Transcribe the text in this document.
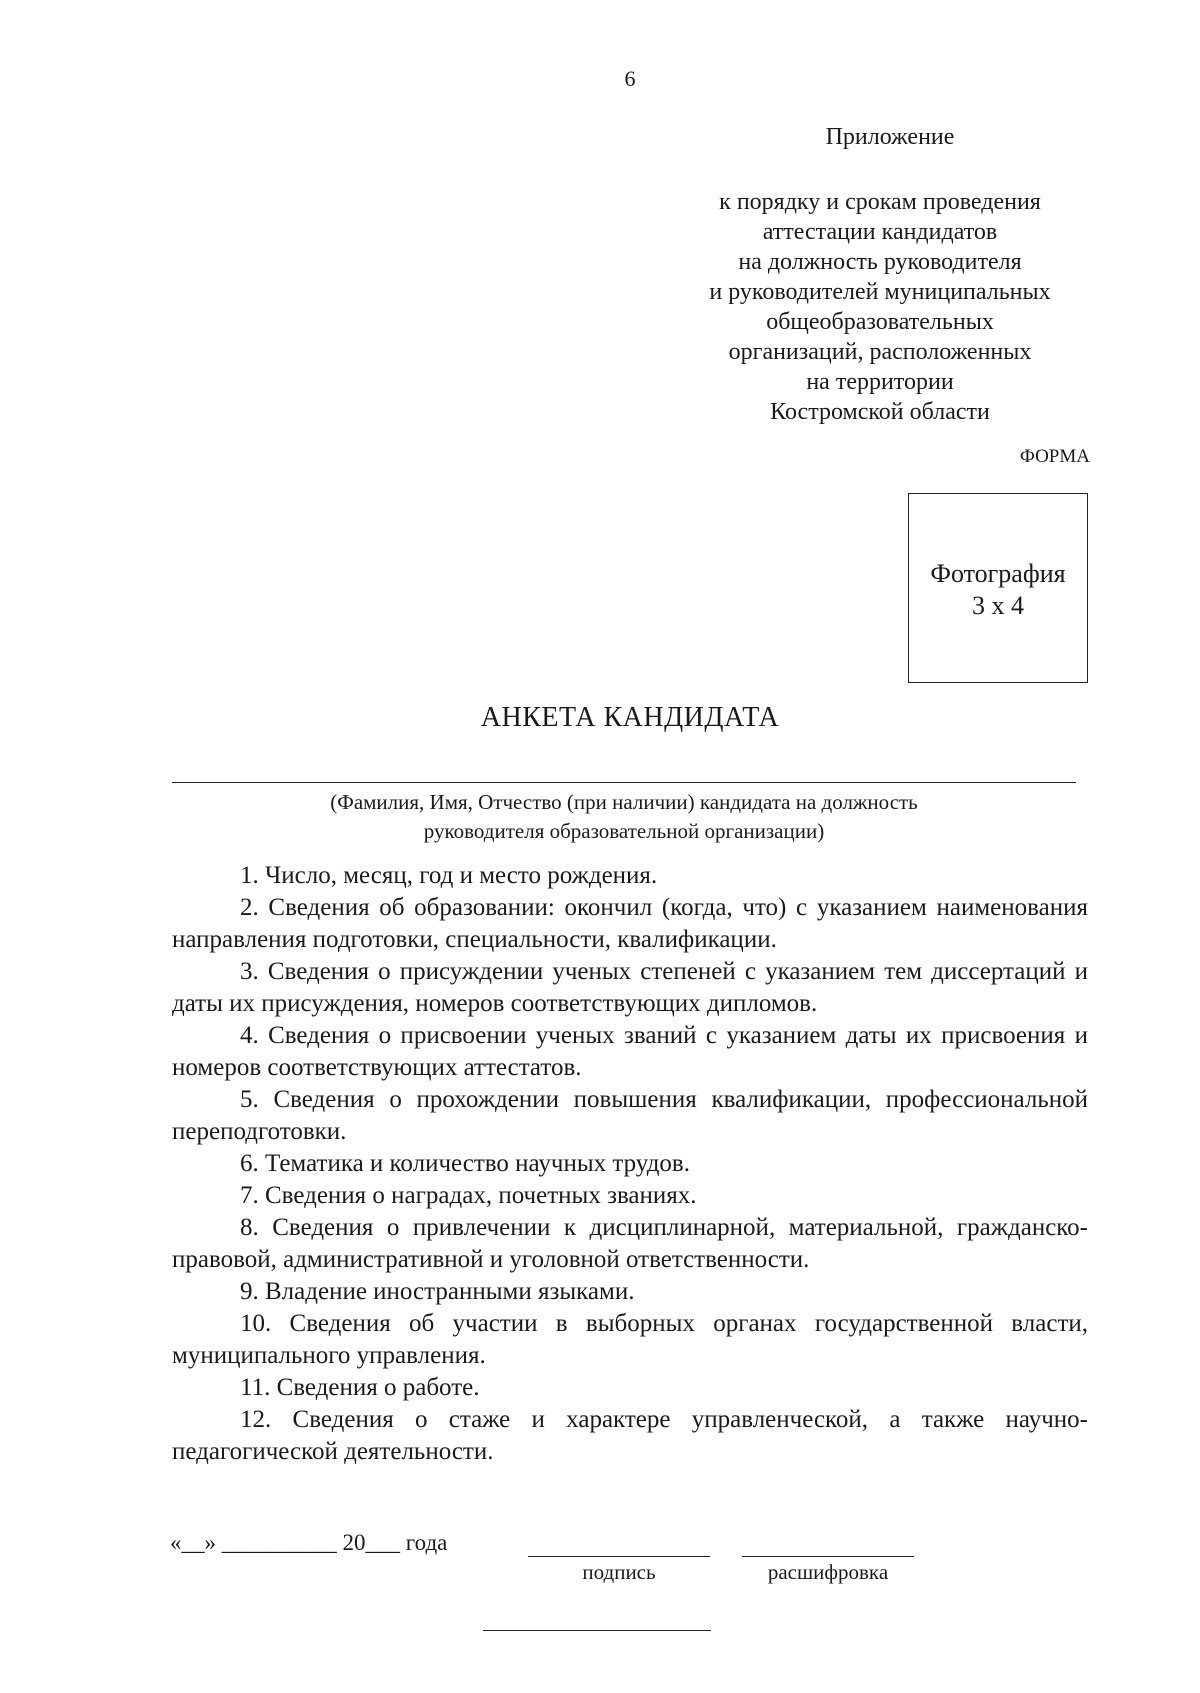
6
Приложение
к порядку и срокам проведения
аттестации кандидатов
на должность руководителя
и руководителей муниципальных
общеобразовательных
организаций, расположенных
на территории
Костромской области
ФОРМА
Фотография
3 х 4
АНКЕТА КАНДИДАТА
(Фамилия, Имя, Отчество (при наличии) кандидата на должность
руководителя образовательной организации)

1. Число, месяц, год и место рождения.

2. Сведения об образовании: окончил (когда, что) с указанием наименования направления подготовки, специальности, квалификации.

3. Сведения о присуждении ученых степеней с указанием тем диссертаций и даты их присуждения, номеров соответствующих дипломов.

4. Сведения о присвоении ученых званий с указанием даты их присвоения и номеров соответствующих аттестатов.

5. Сведения о прохождении повышения квалификации, профессиональной переподготовки.

6. Тематика и количество научных трудов.

7. Сведения о наградах, почетных званиях.

8. Сведения о привлечении к дисциплинарной, материальной, гражданско-правовой, административной и уголовной ответственности.

9. Владение иностранными языками.

10. Сведения об участии в выборных органах государственной власти, муниципального управления.

11. Сведения о работе.

12. Сведения о стаже и характере управленческой, а также научно-педагогической деятельности.

«__» __________ 20___ года
подпись	расшифровка
